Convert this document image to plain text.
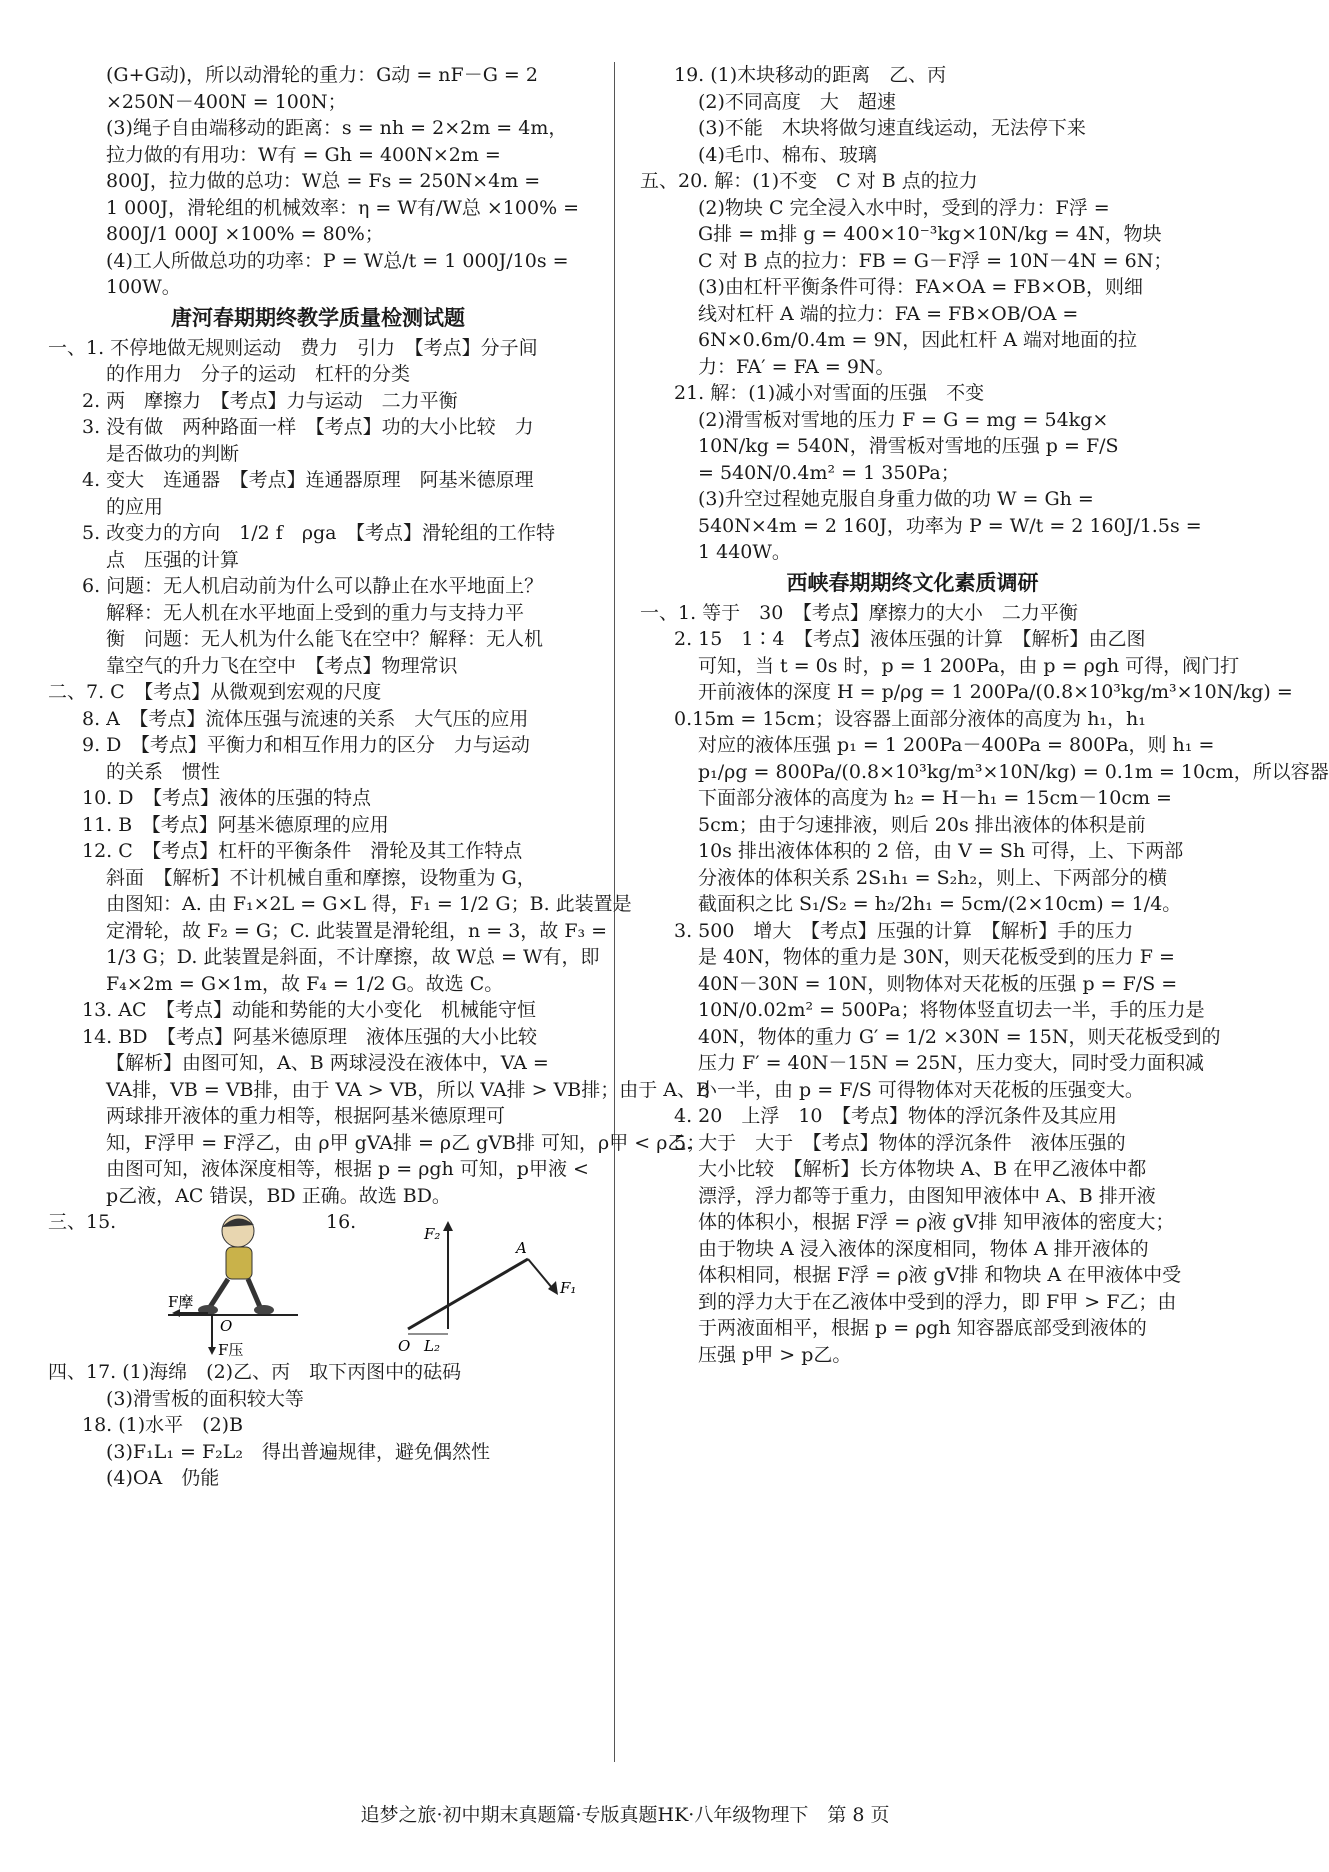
(G+G动)，所以动滑轮的重力：G动 = nF－G = 2
×250N－400N = 100N；
(3)绳子自由端移动的距离：s = nh = 2×2m = 4m，
拉力做的有用功：W有 = Gh = 400N×2m =
800J，拉力做的总功：W总 = Fs = 250N×4m =
1 000J，滑轮组的机械效率：η = W有/W总 ×100% =
800J/1 000J ×100% = 80%；
(4)工人所做总功的功率：P = W总/t = 1 000J/10s =
100W。
唐河春期期终教学质量检测试题
一、1. 不停地做无规则运动　费力　引力　【考点】分子间
的作用力　分子的运动　杠杆的分类
2. 两　摩擦力　【考点】力与运动　二力平衡
3. 没有做　两种路面一样　【考点】功的大小比较　力
是否做功的判断
4. 变大　连通器　【考点】连通器原理　阿基米德原理
的应用
5. 改变力的方向　1/2 f　ρga　【考点】滑轮组的工作特
点　压强的计算
6. 问题：无人机启动前为什么可以静止在水平地面上？
解释：无人机在水平地面上受到的重力与支持力平
衡　问题：无人机为什么能飞在空中？解释：无人机
靠空气的升力飞在空中　【考点】物理常识
二、7. C　【考点】从微观到宏观的尺度
8. A　【考点】流体压强与流速的关系　大气压的应用
9. D　【考点】平衡力和相互作用力的区分　力与运动
的关系　惯性
10. D　【考点】液体的压强的特点
11. B　【考点】阿基米德原理的应用
12. C　【考点】杠杆的平衡条件　滑轮及其工作特点
斜面　【解析】不计机械自重和摩擦，设物重为 G，
由图知：A. 由 F₁×2L = G×L 得，F₁ = 1/2 G；B. 此装置是
定滑轮，故 F₂ = G；C. 此装置是滑轮组，n = 3，故 F₃ =
1/3 G；D. 此装置是斜面，不计摩擦，故 W总 = W有，即
F₄×2m = G×1m，故 F₄ = 1/2 G。故选 C。
13. AC　【考点】动能和势能的大小变化　机械能守恒
14. BD　【考点】阿基米德原理　液体压强的大小比较
【解析】由图可知，A、B 两球浸没在液体中，VA =
VA排，VB = VB排，由于 VA > VB，所以 VA排 > VB排；由于 A、B
两球排开液体的重力相等，根据阿基米德原理可
知，F浮甲 = F浮乙，由 ρ甲 gVA排 = ρ乙 gVB排 可知，ρ甲 < ρ乙；
由图可知，液体深度相等，根据 p = ρgh 可知，p甲液 <
p乙液，AC 错误，BD 正确。故选 BD。
三、15.
F摩
F压
O
16.
F₂
A
F₁
O L₂
四、17. (1)海绵　(2)乙、丙　取下丙图中的砝码
(3)滑雪板的面积较大等
18. (1)水平　(2)B
(3)F₁L₁ = F₂L₂　得出普遍规律，避免偶然性
(4)OA　仍能
19. (1)木块移动的距离　乙、丙
(2)不同高度　大　超速
(3)不能　木块将做匀速直线运动，无法停下来
(4)毛巾、棉布、玻璃
五、20. 解：(1)不变　C 对 B 点的拉力
(2)物块 C 完全浸入水中时，受到的浮力：F浮 =
G排 = m排 g = 400×10⁻³kg×10N/kg = 4N，物块
C 对 B 点的拉力：FB = G－F浮 = 10N－4N = 6N；
(3)由杠杆平衡条件可得：FA×OA = FB×OB，则细
线对杠杆 A 端的拉力：FA = FB×OB/OA =
6N×0.6m/0.4m = 9N，因此杠杆 A 端对地面的拉
力：FA′ = FA = 9N。
21. 解：(1)减小对雪面的压强　不变
(2)滑雪板对雪地的压力 F = G = mg = 54kg×
10N/kg = 540N，滑雪板对雪地的压强 p = F/S
= 540N/0.4m² = 1 350Pa；
(3)升空过程她克服自身重力做的功 W = Gh =
540N×4m = 2 160J，功率为 P = W/t = 2 160J/1.5s =
1 440W。
西峡春期期终文化素质调研
一、1. 等于　30　【考点】摩擦力的大小　二力平衡
2. 15　1∶4　【考点】液体压强的计算　【解析】由乙图
可知，当 t = 0s 时，p = 1 200Pa，由 p = ρgh 可得，阀门打
开前液体的深度 H = p/ρg = 1 200Pa/(0.8×10³kg/m³×10N/kg) =
0.15m = 15cm；设容器上面部分液体的高度为 h₁，h₁
对应的液体压强 p₁ = 1 200Pa－400Pa = 800Pa，则 h₁ =
p₁/ρg = 800Pa/(0.8×10³kg/m³×10N/kg) = 0.1m = 10cm，所以容器
下面部分液体的高度为 h₂ = H－h₁ = 15cm－10cm =
5cm；由于匀速排液，则后 20s 排出液体的体积是前
10s 排出液体体积的 2 倍，由 V = Sh 可得，上、下两部
分液体的体积关系 2S₁h₁ = S₂h₂，则上、下两部分的横
截面积之比 S₁/S₂ = h₂/2h₁ = 5cm/(2×10cm) = 1/4。
3. 500　增大　【考点】压强的计算　【解析】手的压力
是 40N，物体的重力是 30N，则天花板受到的压力 F =
40N－30N = 10N，则物体对天花板的压强 p = F/S =
10N/0.02m² = 500Pa；将物体竖直切去一半，手的压力是
40N，物体的重力 G′ = 1/2 ×30N = 15N，则天花板受到的
压力 F′ = 40N－15N = 25N，压力变大，同时受力面积减
小一半，由 p = F/S 可得物体对天花板的压强变大。
4. 20　上浮　10　【考点】物体的浮沉条件及其应用
5. 大于　大于　【考点】物体的浮沉条件　液体压强的
大小比较　【解析】长方体物块 A、B 在甲乙液体中都
漂浮，浮力都等于重力，由图知甲液体中 A、B 排开液
体的体积小，根据 F浮 = ρ液 gV排 知甲液体的密度大；
由于物块 A 浸入液体的深度相同，物体 A 排开液体的
体积相同，根据 F浮 = ρ液 gV排 和物块 A 在甲液体中受
到的浮力大于在乙液体中受到的浮力，即 F甲 > F乙；由
于两液面相平，根据 p = ρgh 知容器底部受到液体的
压强 p甲 > p乙。
追梦之旅·初中期末真题篇·专版真题HK·八年级物理下　第 8 页
